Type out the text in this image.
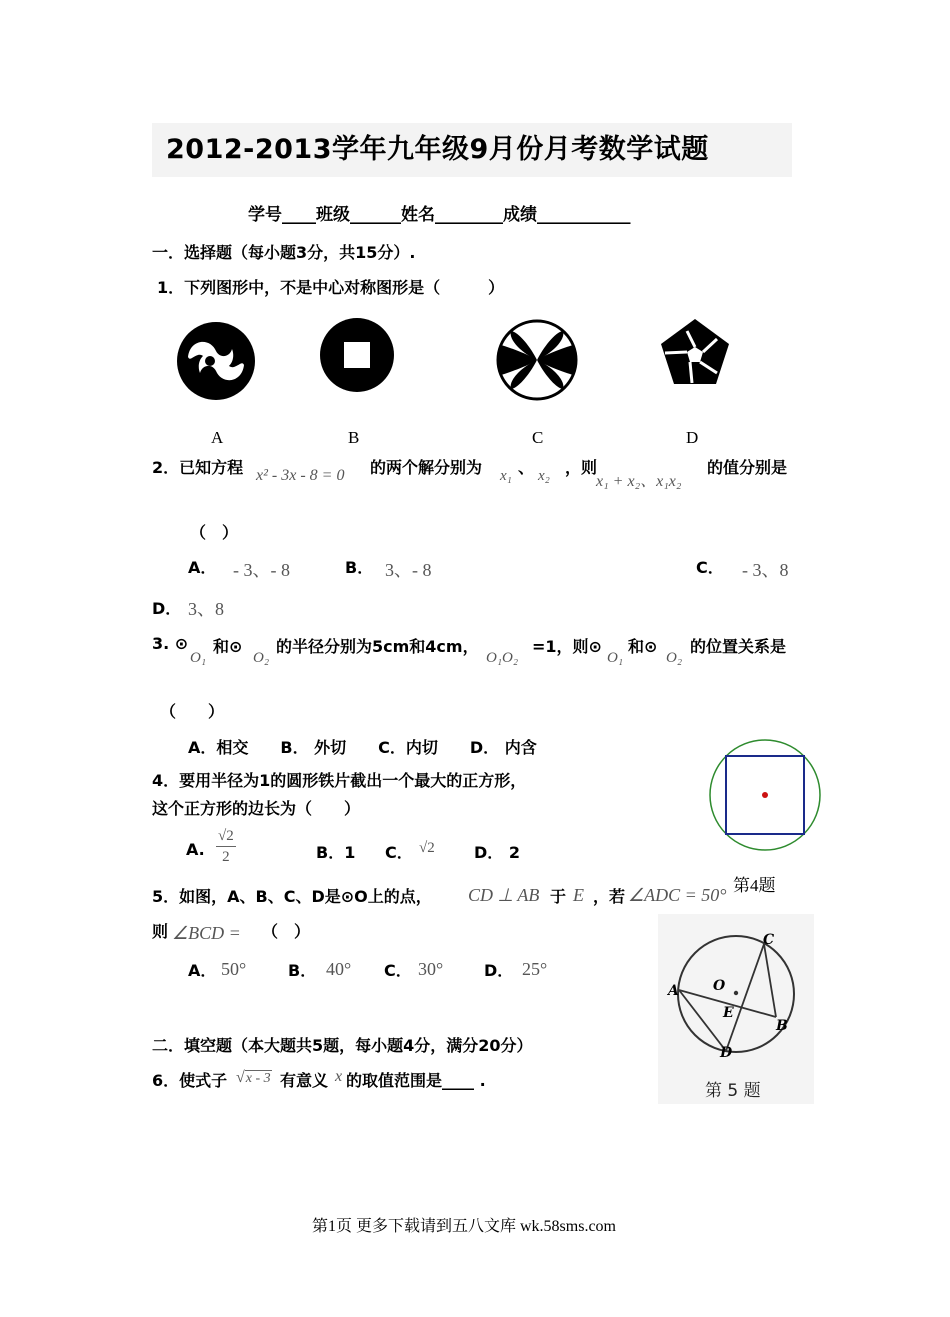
2012-2013学年九年级9月份月考数学试题
学号____班级______姓名________成绩___________
一．选择题（每小题3分，共15分）.
1．下列图形中，不是中心对称图形是（　　　）
A	B	C	D
2．已知方程 x² - 3x - 8 = 0 的两个解分别为 x₁ 、 x₂ ，则
x₁ + x₂、x₁x₂
的值分别是
（　）
A． - 3、- 8	B． 3、- 8	C． - 3、8
D． 3、8
3. ⊙
O₁
和⊙
O₂
的半径分别为5cm和4cm，
O₁O₂
=1，则⊙
O₁
和⊙
O₂
的位置关系是
（　　）
A．相交　　B． 外切　　C．内切　　D． 内含
4．要用半径为1的圆形铁片截出一个最大的正方形，
这个正方形的边长为（　　）
A. $\frac{√2}{2}$	B．1 C． √2 D． 2
第4题
5．如图，A、B、C、D是⊙O上的点， CD ⊥ AB 于 E ，若 ∠ADC = 50°
则 ∠BCD = （　）
A． 50°	B． 40° C． 30°	D． 25°
C
A O
E
B
D
第 5 题
二．填空题（本大题共5题，每小题4分，满分20分）
6．使式子 √x - 3 有意义 x 的取值范围是____ .
第1页 更多下载请到五八文库 wk.58sms.com
